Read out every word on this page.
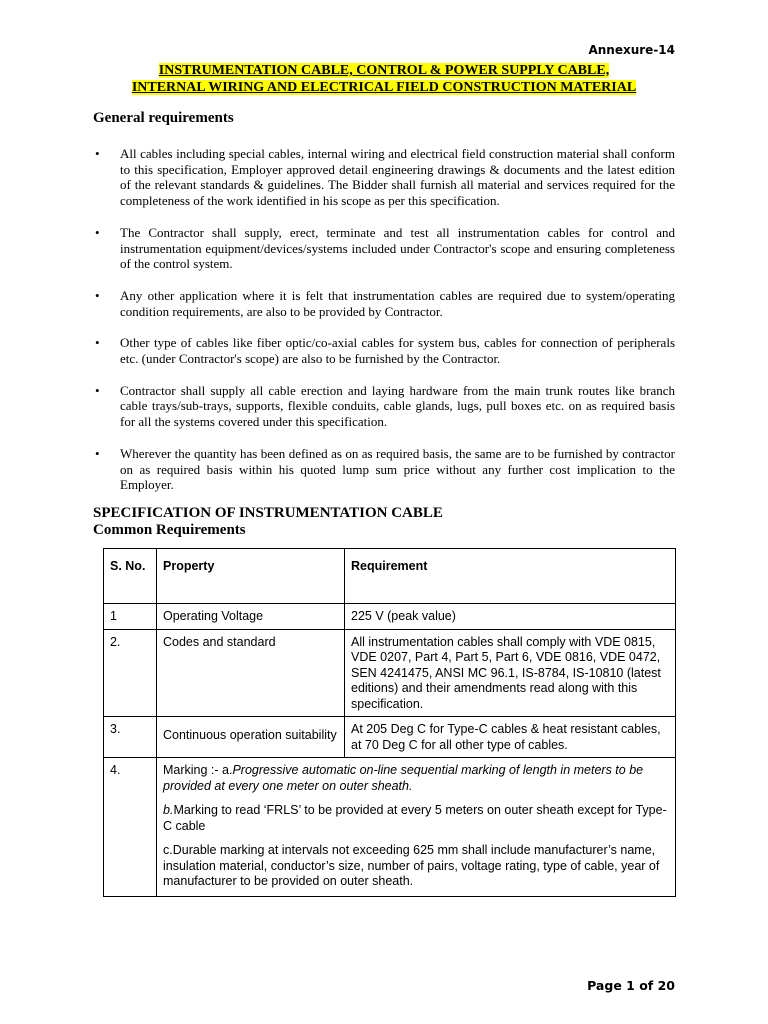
Annexure-14
INSTRUMENTATION CABLE, CONTROL & POWER SUPPLY CABLE,
INTERNAL WIRING AND ELECTRICAL FIELD CONSTRUCTION MATERIAL
General requirements
• All cables including special cables, internal wiring and electrical field construction material shall conform to this specification, Employer approved detail engineering drawings & documents and the latest edition of the relevant standards & guidelines. The Bidder shall furnish all material and services required for the completeness of the work identified in his scope as per this specification.
• The Contractor shall supply, erect, terminate and test all instrumentation cables for control and instrumentation equipment/devices/systems included under Contractor's scope and ensuring completeness of the control system.
• Any other application where it is felt that instrumentation cables are required due to system/operating condition requirements, are also to be provided by Contractor.
• Other type of cables like fiber optic/co-axial cables for system bus, cables for connection of peripherals etc. (under Contractor's scope) are also to be furnished by the Contractor.
• Contractor shall supply all cable erection and laying hardware from the main trunk routes like branch cable trays/sub-trays, supports, flexible conduits, cable glands, lugs, pull boxes etc. on as required basis for all the systems covered under this specification.
• Wherever the quantity has been defined as on as required basis, the same are to be furnished by contractor on as required basis within his quoted lump sum price without any further cost implication to the Employer.
SPECIFICATION OF INSTRUMENTATION CABLE
Common Requirements
S. No.	Property	Requirement
1	Operating Voltage	225 V (peak value)
2.	Codes and standard	All instrumentation cables shall comply with VDE 0815, VDE 0207, Part 4, Part 5, Part 6, VDE 0816, VDE 0472, SEN 4241475, ANSI MC 96.1, IS-8784, IS-10810 (latest editions) and their amendments read along with this specification.
3.	Continuous operation suitability	At 205 Deg C for Type-C cables & heat resistant cables, at 70 Deg C for all other type of cables.
4.	Marking :- a.Progressive automatic on-line sequential marking of length in meters to be provided at every one meter on outer sheath.

b.Marking to read ‘FRLS’ to be provided at every 5 meters on outer sheath except for Type-C cable

c.Durable marking at intervals not exceeding 625 mm shall include manufacturer’s name, insulation material, conductor’s size, number of pairs, voltage rating, type of cable, year of manufacturer to be provided on outer sheath.	

Page 1 of 20
